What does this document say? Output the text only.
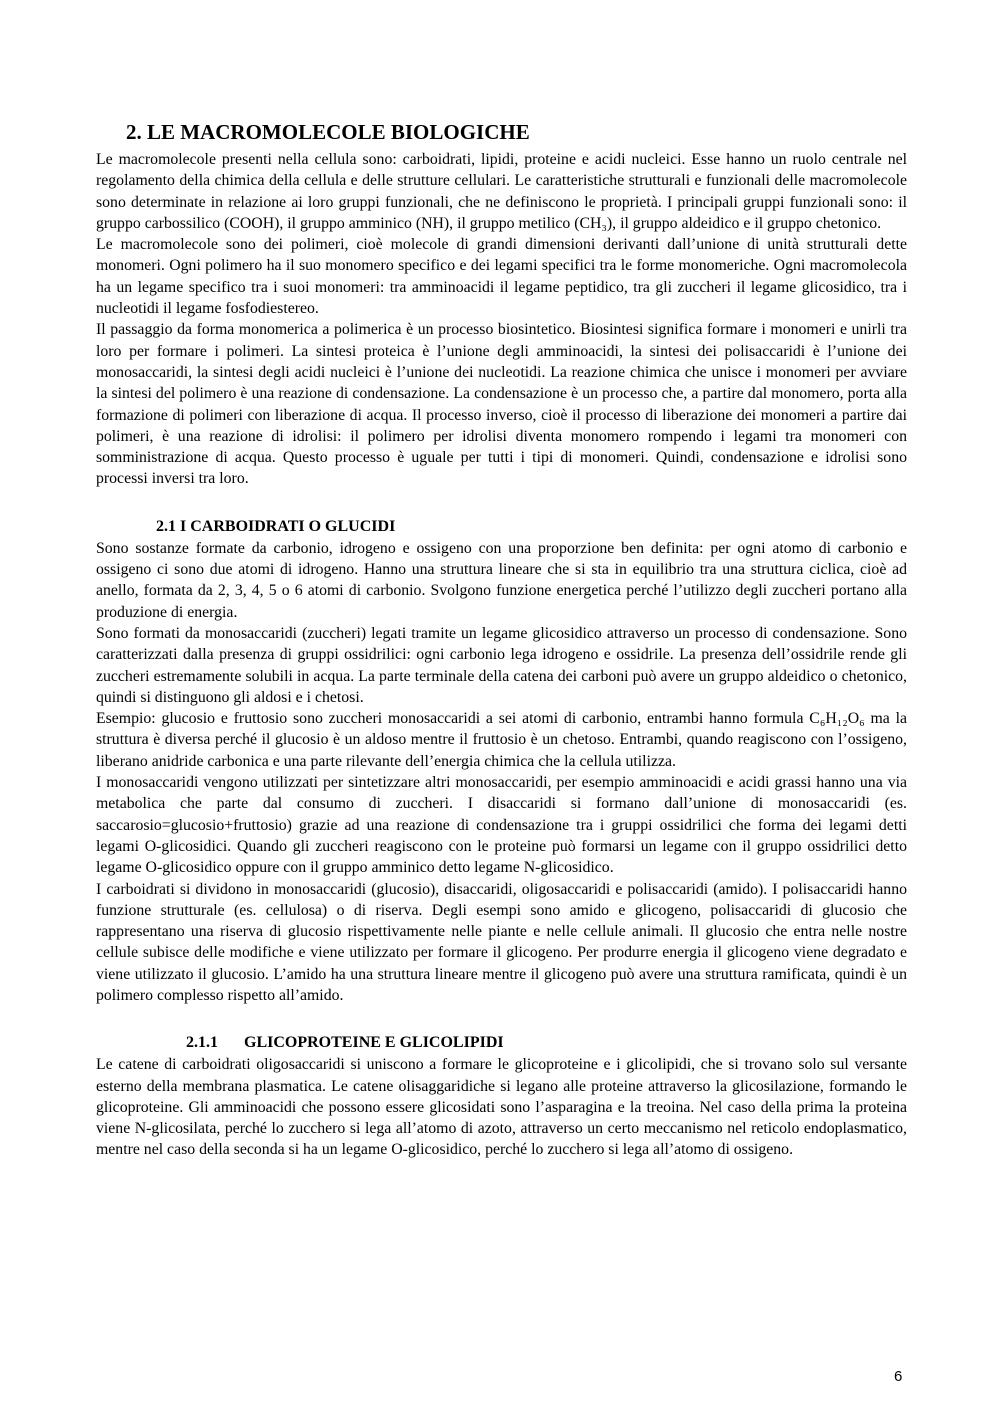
2. LE MACROMOLECOLE BIOLOGICHE

Le macromolecole presenti nella cellula sono: carboidrati, lipidi, proteine e acidi nucleici. Esse hanno un ruolo centrale nel regolamento della chimica della cellula e delle strutture cellulari. Le caratteristiche strutturali e funzionali delle macromolecole sono determinate in relazione ai loro gruppi funzionali, che ne definiscono le proprietà. I principali gruppi funzionali sono: il gruppo carbossilico (COOH), il gruppo amminico (NH), il gruppo metilico (CH₃), il gruppo aldeidico e il gruppo chetonico.

Le macromolecole sono dei polimeri, cioè molecole di grandi dimensioni derivanti dall’unione di unità strutturali dette monomeri. Ogni polimero ha il suo monomero specifico e dei legami specifici tra le forme monomeriche. Ogni macromolecola ha un legame specifico tra i suoi monomeri: tra amminoacidi il legame peptidico, tra gli zuccheri il legame glicosidico, tra i nucleotidi il legame fosfodiestereo.

Il passaggio da forma monomerica a polimerica è un processo biosintetico. Biosintesi significa formare i monomeri e unirli tra loro per formare i polimeri. La sintesi proteica è l’unione degli amminoacidi, la sintesi dei polisaccaridi è l’unione dei monosaccaridi, la sintesi degli acidi nucleici è l’unione dei nucleotidi. La reazione chimica che unisce i monomeri per avviare la sintesi del polimero è una reazione di condensazione. La condensazione è un processo che, a partire dal monomero, porta alla formazione di polimeri con liberazione di acqua. Il processo inverso, cioè il processo di liberazione dei monomeri a partire dai polimeri, è una reazione di idrolisi: il polimero per idrolisi diventa monomero rompendo i legami tra monomeri con somministrazione di acqua. Questo processo è uguale per tutti i tipi di monomeri. Quindi, condensazione e idrolisi sono processi inversi tra loro.

2.1 I CARBOIDRATI O GLUCIDI

Sono sostanze formate da carbonio, idrogeno e ossigeno con una proporzione ben definita: per ogni atomo di carbonio e ossigeno ci sono due atomi di idrogeno. Hanno una struttura lineare che si sta in equilibrio tra una struttura ciclica, cioè ad anello, formata da 2, 3, 4, 5 o 6 atomi di carbonio. Svolgono funzione energetica perché l’utilizzo degli zuccheri portano alla produzione di energia.

Sono formati da monosaccaridi (zuccheri) legati tramite un legame glicosidico attraverso un processo di condensazione. Sono caratterizzati dalla presenza di gruppi ossidrilici: ogni carbonio lega idrogeno e ossidrile. La presenza dell’ossidrile rende gli zuccheri estremamente solubili in acqua. La parte terminale della catena dei carboni può avere un gruppo aldeidico o chetonico, quindi si distinguono gli aldosi e i chetosi.

Esempio: glucosio e fruttosio sono zuccheri monosaccaridi a sei atomi di carbonio, entrambi hanno formula C₆H₁₂O₆ ma la struttura è diversa perché il glucosio è un aldoso mentre il fruttosio è un chetoso. Entrambi, quando reagiscono con l’ossigeno, liberano anidride carbonica e una parte rilevante dell’energia chimica che la cellula utilizza.

I monosaccaridi vengono utilizzati per sintetizzare altri monosaccaridi, per esempio amminoacidi e acidi grassi hanno una via metabolica che parte dal consumo di zuccheri. I disaccaridi si formano dall’unione di monosaccaridi (es. saccarosio=glucosio+fruttosio) grazie ad una reazione di condensazione tra i gruppi ossidrilici che forma dei legami detti legami O-glicosidici. Quando gli zuccheri reagiscono con le proteine può formarsi un legame con il gruppo ossidrilici detto legame O-glicosidico oppure con il gruppo amminico detto legame N-glicosidico.

I carboidrati si dividono in monosaccaridi (glucosio), disaccaridi, oligosaccaridi e polisaccaridi (amido). I polisaccaridi hanno funzione strutturale (es. cellulosa) o di riserva. Degli esempi sono amido e glicogeno, polisaccaridi di glucosio che rappresentano una riserva di glucosio rispettivamente nelle piante e nelle cellule animali. Il glucosio che entra nelle nostre cellule subisce delle modifiche e viene utilizzato per formare il glicogeno. Per produrre energia il glicogeno viene degradato e viene utilizzato il glucosio. L’amido ha una struttura lineare mentre il glicogeno può avere una struttura ramificata, quindi è un polimero complesso rispetto all’amido.

2.1.1 GLICOPROTEINE E GLICOLIPIDI

Le catene di carboidrati oligosaccaridi si uniscono a formare le glicoproteine e i glicolipidi, che si trovano solo sul versante esterno della membrana plasmatica. Le catene olisaggaridiche si legano alle proteine attraverso la glicosilazione, formando le glicoproteine. Gli amminoacidi che possono essere glicosidati sono l’asparagina e la treoina. Nel caso della prima la proteina viene N-glicosilata, perché lo zucchero si lega all’atomo di azoto, attraverso un certo meccanismo nel reticolo endoplasmatico, mentre nel caso della seconda si ha un legame O-glicosidico, perché lo zucchero si lega all’atomo di ossigeno.

6
